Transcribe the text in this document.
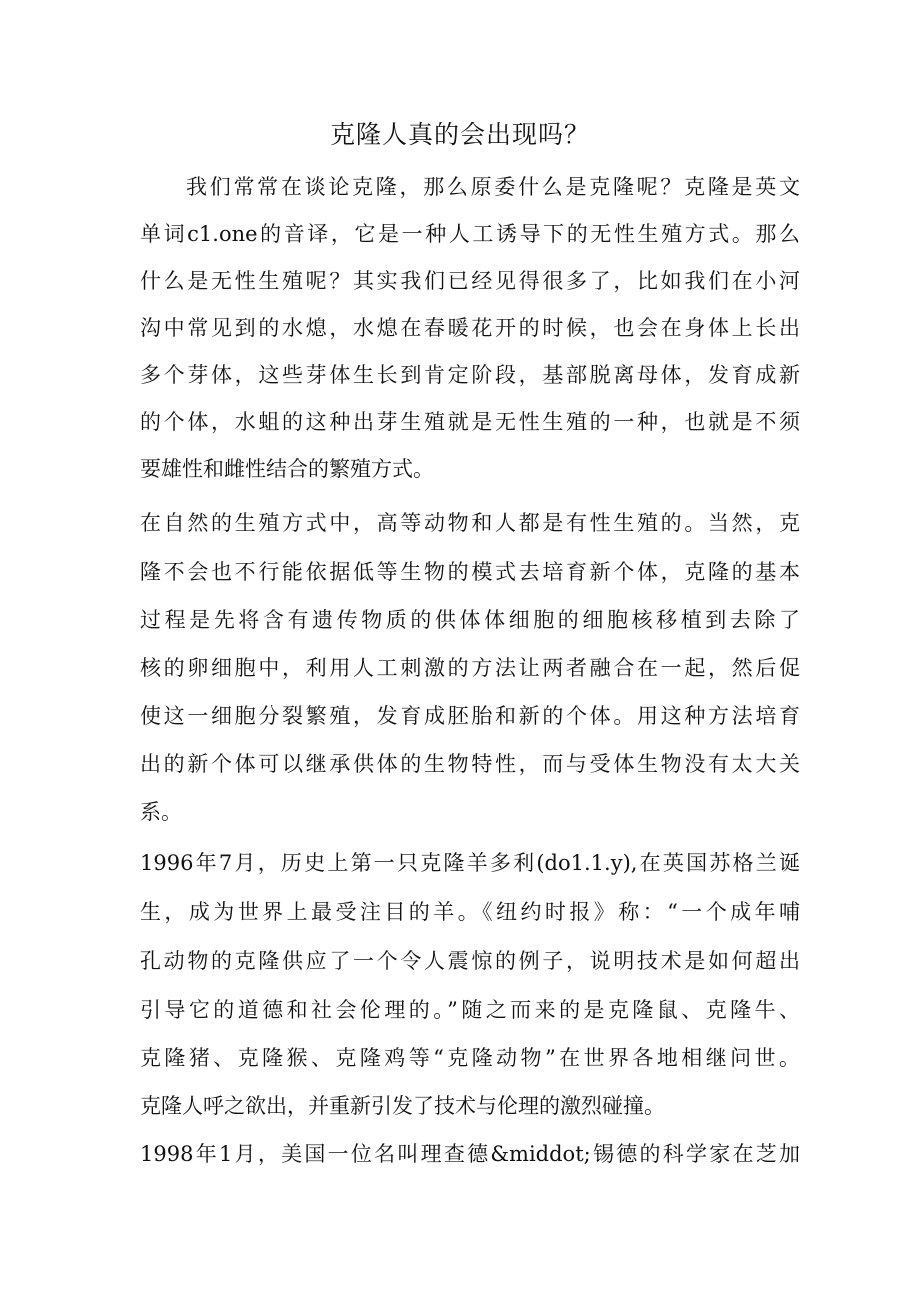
克隆人真的会出现吗？
我们常常在谈论克隆，那么原委什么是克隆呢？克隆是英文
单词c1.one的音译，它是一种人工诱导下的无性生殖方式。那么
什么是无性生殖呢？其实我们已经见得很多了，比如我们在小河
沟中常见到的水熄，水熄在春暖花开的时候，也会在身体上长出
多个芽体，这些芽体生长到肯定阶段，基部脱离母体，发育成新
的个体，水蛆的这种出芽生殖就是无性生殖的一种，也就是不须
要雄性和雌性结合的繁殖方式。
在自然的生殖方式中，高等动物和人都是有性生殖的。当然，克
隆不会也不行能依据低等生物的模式去培育新个体，克隆的基本
过程是先将含有遗传物质的供体体细胞的细胞核移植到去除了
核的卵细胞中，利用人工刺激的方法让两者融合在一起，然后促
使这一细胞分裂繁殖，发育成胚胎和新的个体。用这种方法培育
出的新个体可以继承供体的生物特性，而与受体生物没有太大关
系。
1996年7月，历史上第一只克隆羊多利(do1.1.y),在英国苏格兰诞
生，成为世界上最受注目的羊。《纽约时报》称：“一个成年哺
孔动物的克隆供应了一个令人震惊的例子，说明技术是如何超出
引导它的道德和社会伦理的。”随之而来的是克隆鼠、克隆牛、
克隆猪、克隆猴、克隆鸡等“克隆动物”在世界各地相继问世。
克隆人呼之欲出，并重新引发了技术与伦理的激烈碰撞。
1998年1月，美国一位名叫理查德&middot;锡德的科学家在芝加
